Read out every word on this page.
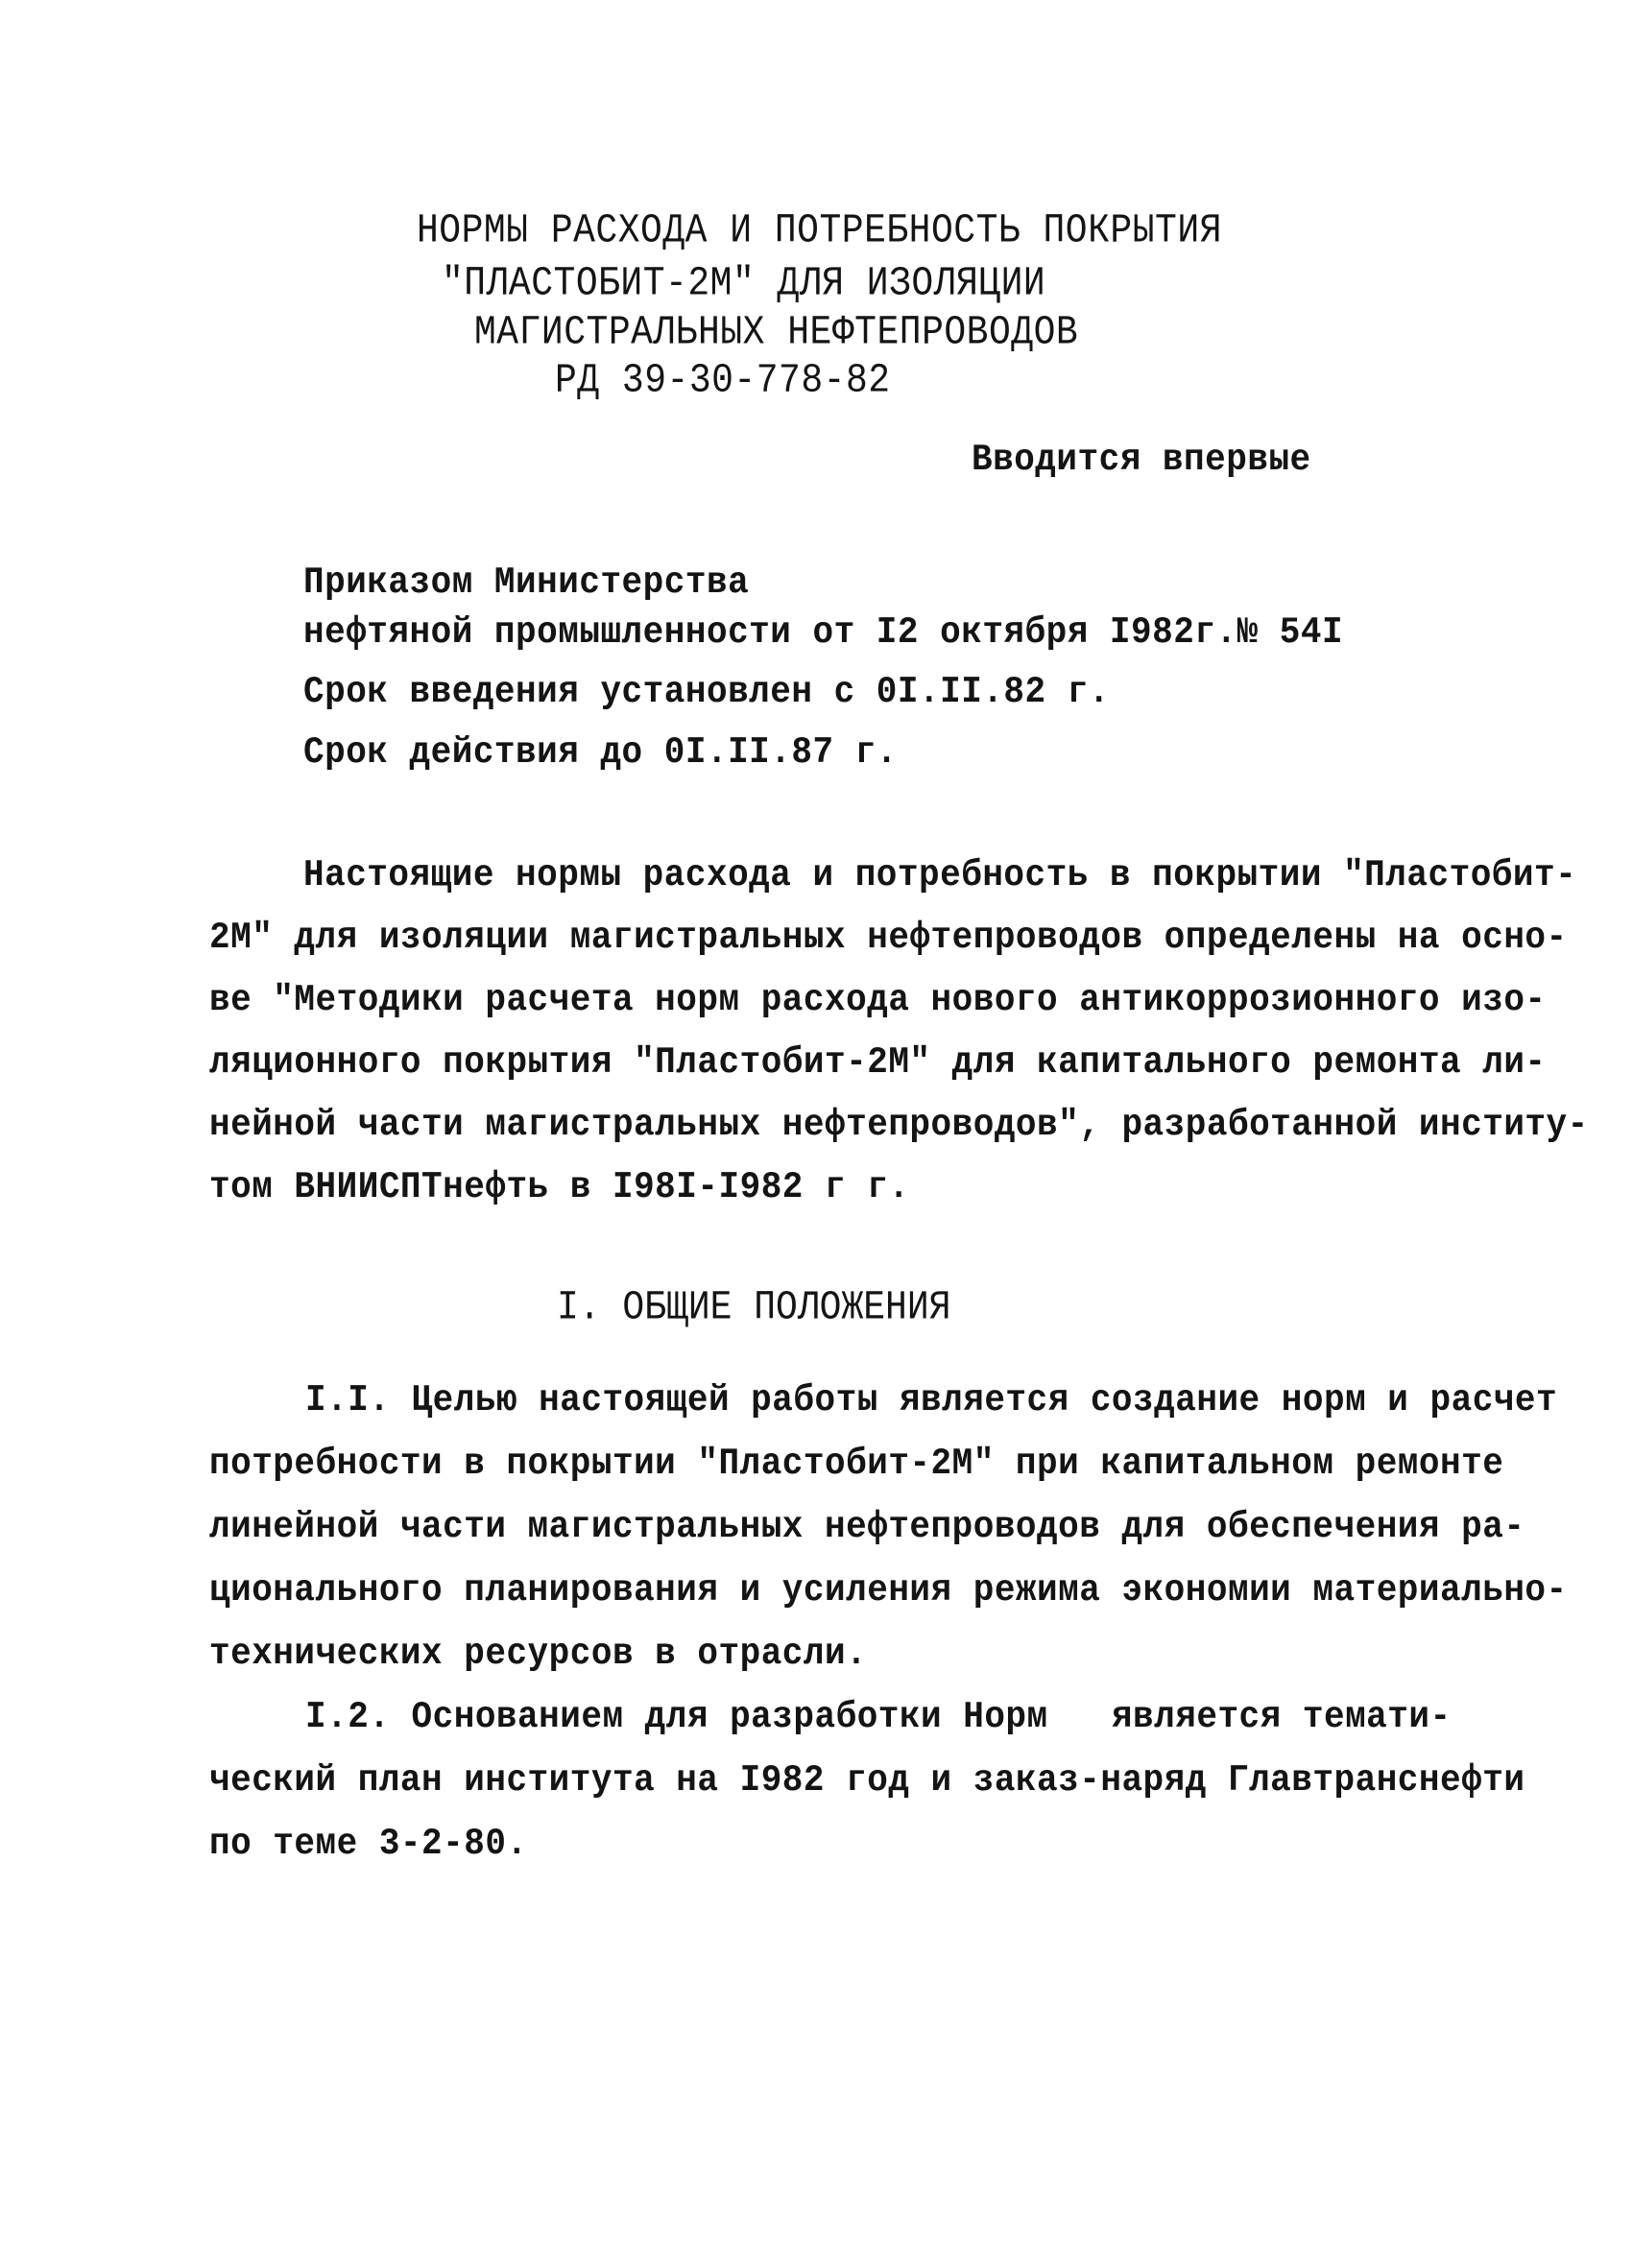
НОРМЫ РАСХОДА И ПОТРЕБНОСТЬ ПОКРЫТИЯ
"ПЛАСТОБИТ-2М" ДЛЯ ИЗОЛЯЦИИ
МАГИСТРАЛЬНЫХ НЕФТЕПРОВОДОВ
РД 39-30-778-82
Вводится впервые
Приказом Министерства
нефтяной промышленности от I2 октября I982г.№ 54I
Срок введения установлен с 0I.II.82 г.
Срок действия до 0I.II.87 г.
Настоящие нормы расхода и потребность в покрытии "Пластобит-
2М" для изоляции магистральных нефтепроводов определены на осно-
ве "Методики расчета норм расхода нового антикоррозионного изо-
ляционного покрытия "Пластобит-2М" для капитального ремонта ли-
нейной части магистральных нефтепроводов", разработанной институ-
том ВНИИСПТнефть в I98I-I982 г г.
I. ОБЩИЕ ПОЛОЖЕНИЯ
I.I. Целью настоящей работы является создание норм и расчет
потребности в покрытии "Пластобит-2М" при капитальном ремонте
линейной части магистральных нефтепроводов для обеспечения ра-
ционального планирования и усиления режима экономии материально-
технических ресурсов в отрасли.
I.2. Основанием для разработки Норм   является темати-
ческий план института на I982 год и заказ-наряд Главтранснефти
по теме 3-2-80.
